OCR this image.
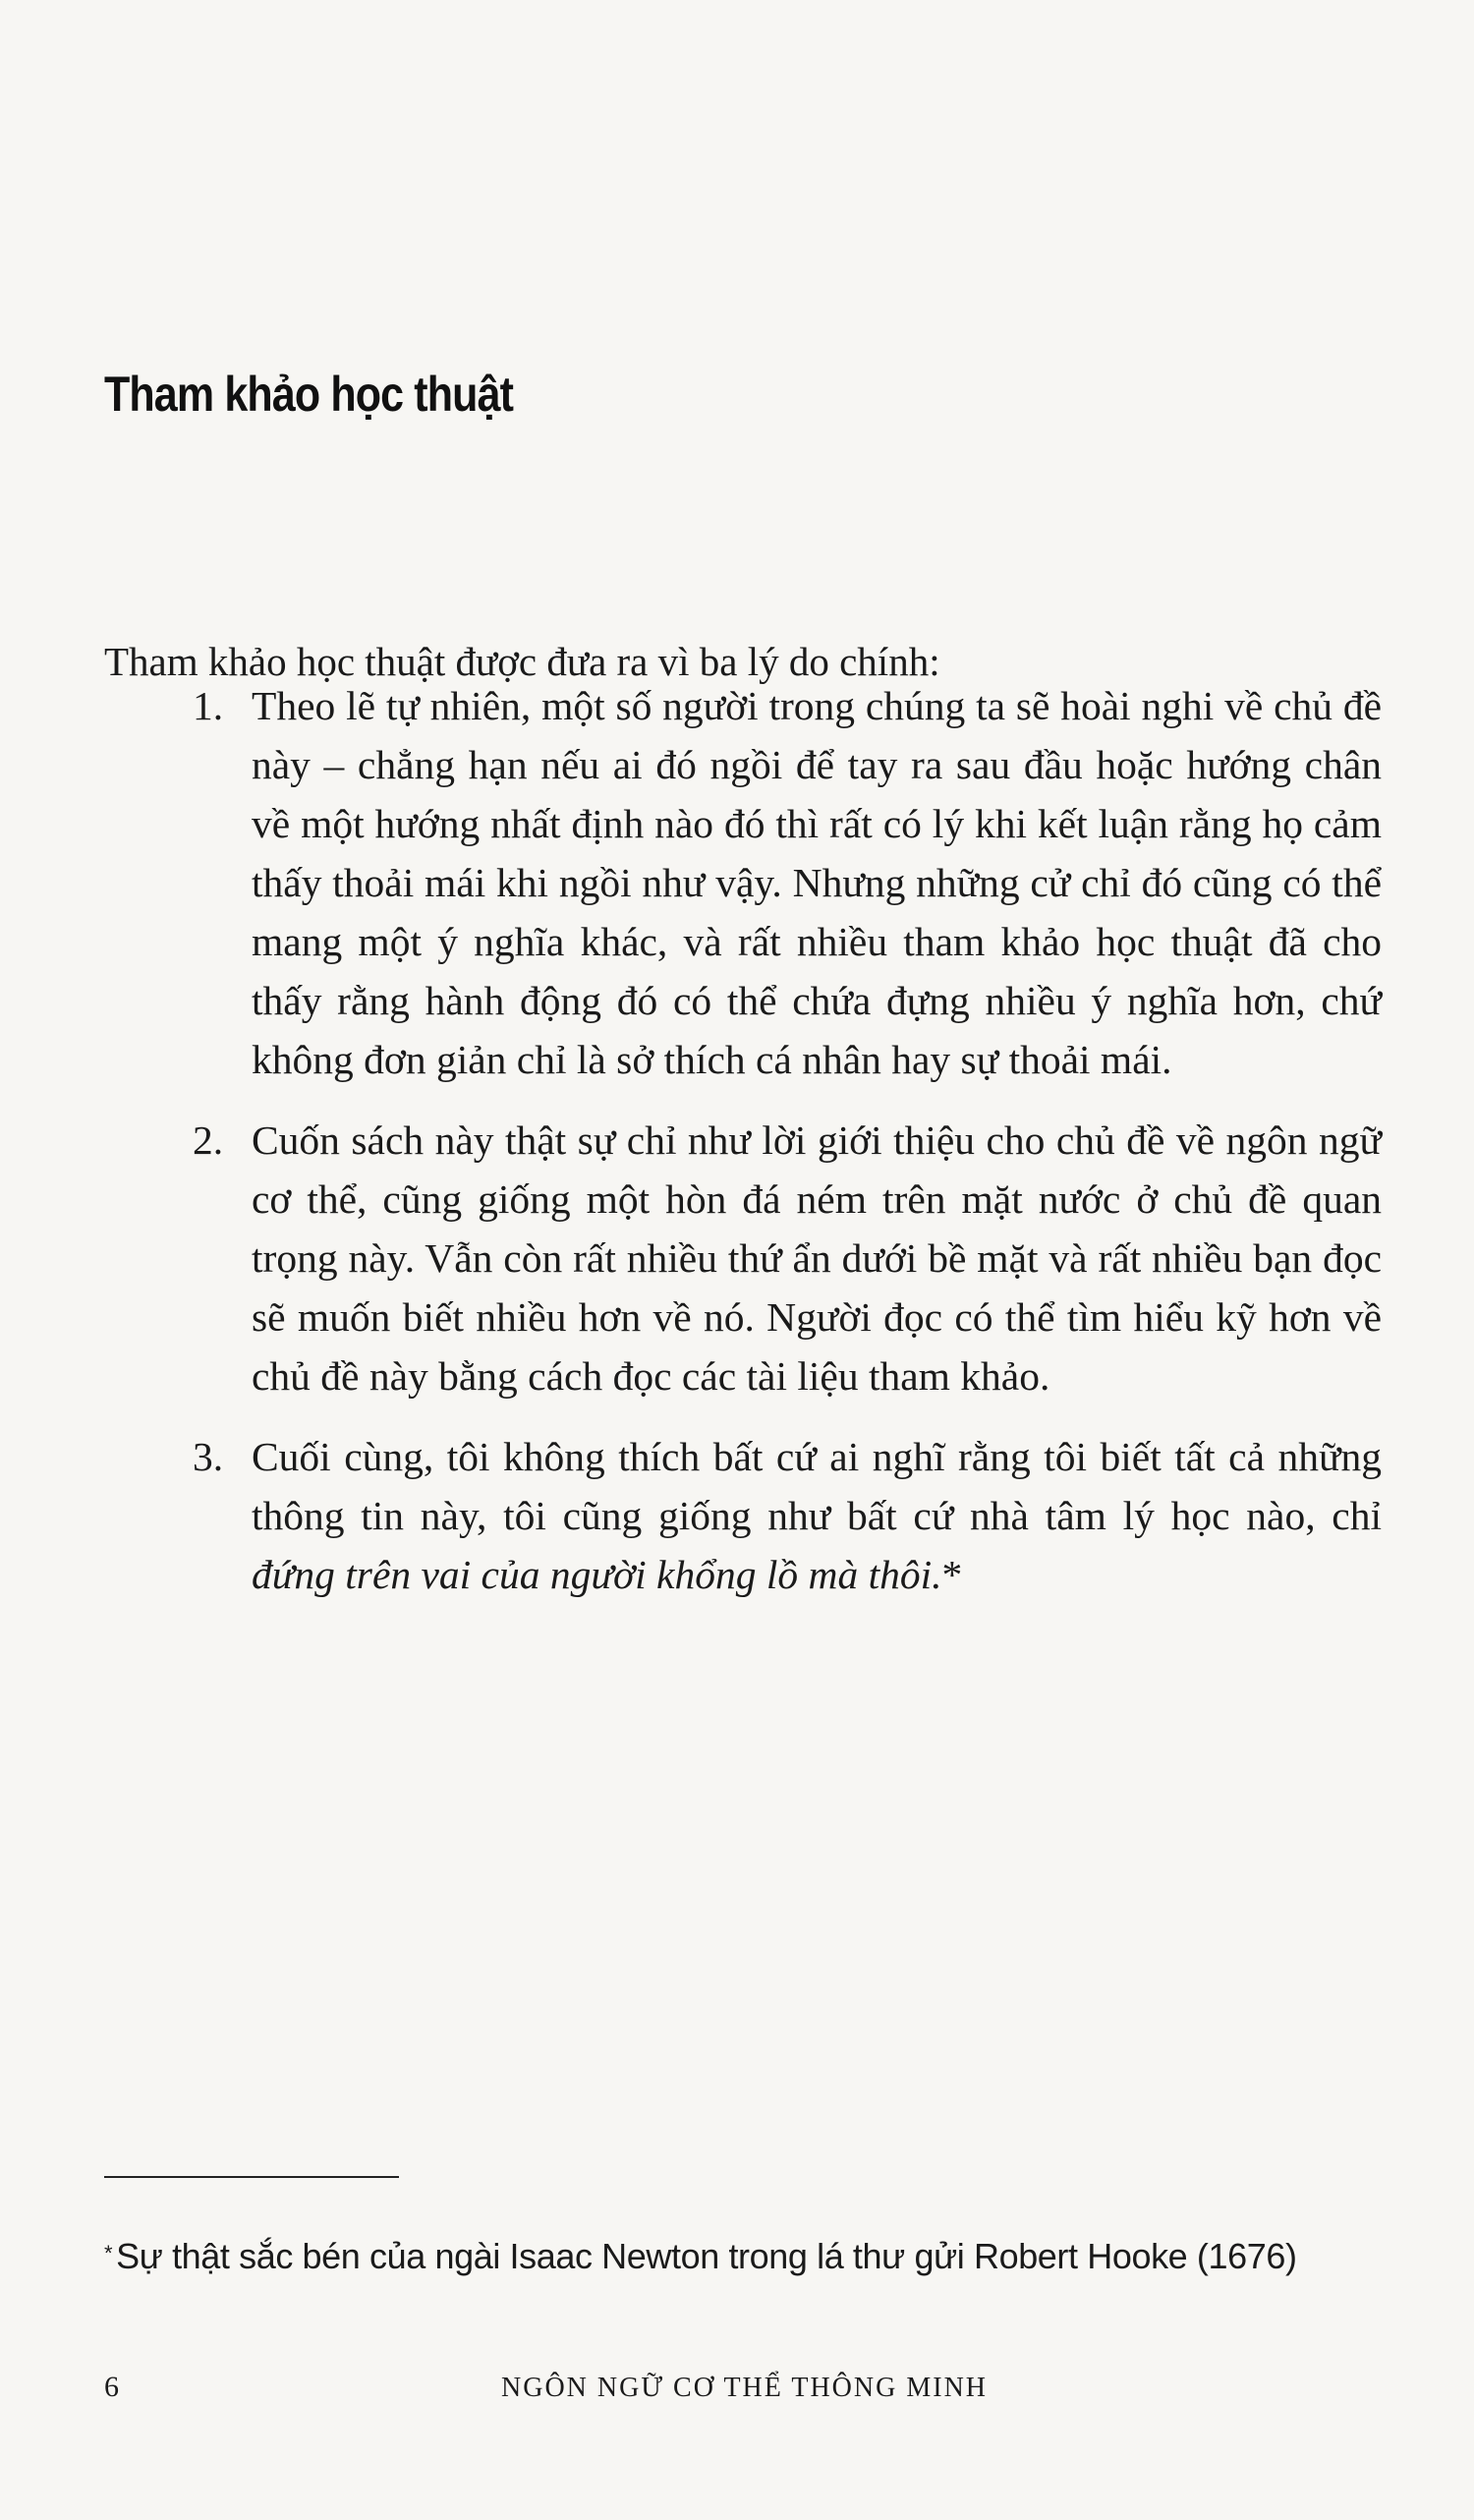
Tham khảo học thuật

Tham khảo học thuật được đưa ra vì ba lý do chính:

1. Theo lẽ tự nhiên, một số người trong chúng ta sẽ hoài nghi về chủ đề này – chẳng hạn nếu ai đó ngồi để tay ra sau đầu hoặc hướng chân về một hướng nhất định nào đó thì rất có lý khi kết luận rằng họ cảm thấy thoải mái khi ngồi như vậy. Nhưng những cử chỉ đó cũng có thể mang một ý nghĩa khác, và rất nhiều tham khảo học thuật đã cho thấy rằng hành động đó có thể chứa đựng nhiều ý nghĩa hơn, chứ không đơn giản chỉ là sở thích cá nhân hay sự thoải mái.
2. Cuốn sách này thật sự chỉ như lời giới thiệu cho chủ đề về ngôn ngữ cơ thể, cũng giống một hòn đá ném trên mặt nước ở chủ đề quan trọng này. Vẫn còn rất nhiều thứ ẩn dưới bề mặt và rất nhiều bạn đọc sẽ muốn biết nhiều hơn về nó. Người đọc có thể tìm hiểu kỹ hơn về chủ đề này bằng cách đọc các tài liệu tham khảo.
3. Cuối cùng, tôi không thích bất cứ ai nghĩ rằng tôi biết tất cả những thông tin này, tôi cũng giống như bất cứ nhà tâm lý học nào, chỉ đứng trên vai của người khổng lồ mà thôi.*

* Sự thật sắc bén của ngài Isaac Newton trong lá thư gửi Robert Hooke (1676)

6	NGÔN NGỮ CƠ THỂ THÔNG MINH
